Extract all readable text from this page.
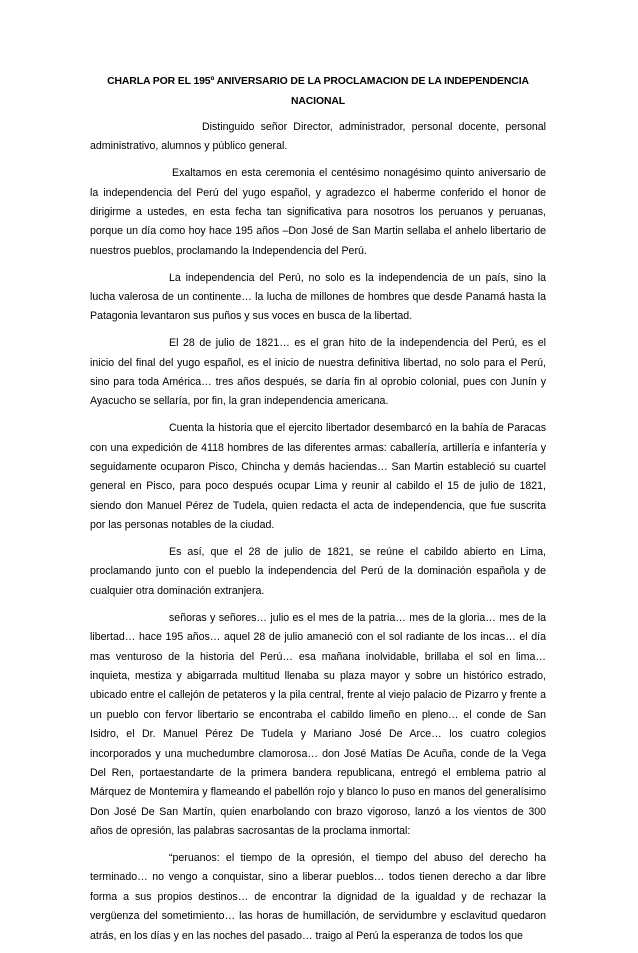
CHARLA POR EL 195º ANIVERSARIO DE LA PROCLAMACION DE LA INDEPENDENCIA NACIONAL

Distinguido señor Director, administrador, personal docente, personal administrativo, alumnos y público general.

Exaltamos en esta ceremonia el centésimo nonagésimo quinto aniversario de la independencia del Perú del yugo español, y agradezco el haberme conferido el honor de dirigirme a ustedes, en esta fecha tan significativa para nosotros los peruanos y peruanas, porque un día como hoy hace 195 años –Don José de San Martin sellaba el anhelo libertario de nuestros pueblos, proclamando la Independencia del Perú.

La independencia del Perú, no solo es la independencia de un país, sino la lucha valerosa de un continente… la lucha de millones de hombres que desde Panamá hasta la Patagonia levantaron sus puños y sus voces en busca de la libertad.

El 28 de julio de 1821… es el gran hito de la independencia del Perú, es el inicio del final del yugo español, es el inicio de nuestra definitiva libertad, no solo para el Perú, sino para toda América… tres años después, se daría fin al oprobio colonial, pues con Junín y Ayacucho se sellaría, por fin, la gran independencia americana.

Cuenta la historia que el ejercito libertador desembarcó en la bahía de Paracas con una expedición de 4118 hombres de las diferentes armas: caballería, artillería e infantería y seguidamente ocuparon Pisco, Chincha y demás haciendas… San Martin estableció su cuartel general en Pisco, para poco después ocupar Lima y reunir al cabildo el 15 de julio de 1821, siendo don Manuel Pérez de Tudela, quien redacta el acta de independencia, que fue suscrita por las personas notables de la ciudad.

Es así, que el 28 de julio de 1821, se reúne el cabildo abierto en Lima, proclamando junto con el pueblo la independencia del Perú de la dominación española y de cualquier otra dominación extranjera.

señoras y señores… julio es el mes de la patria… mes de la gloria… mes de la libertad… hace 195 años… aquel 28 de julio amaneció con el sol radiante de los incas… el día mas venturoso de la historia del Perú… esa mañana inolvidable, brillaba el sol en lima… inquieta, mestiza y abigarrada multitud llenaba su plaza mayor y sobre un histórico estrado, ubicado entre el callejón de petateros y la pila central, frente al viejo palacio de Pizarro y frente a un pueblo con fervor libertario se encontraba el cabildo limeño en pleno… el conde de San Isidro, el Dr. Manuel Pérez De Tudela y Mariano José De Arce… los cuatro colegios incorporados y una muchedumbre clamorosa… don José Matías De Acuña, conde de la Vega Del Ren, portaestandarte de la primera bandera republicana, entregó el emblema patrio al Márquez de Montemira y flameando el pabellón rojo y blanco lo puso en manos del generalísimo Don José De San Martín, quien enarbolando con brazo vigoroso, lanzó a los vientos de 300 años de opresión, las palabras sacrosantas de la proclama inmortal:

“peruanos: el tiempo de la opresión, el tiempo del abuso del derecho ha terminado… no vengo a conquistar, sino a liberar pueblos… todos tienen derecho a dar libre forma a sus propios destinos… de encontrar la dignidad de la igualdad y de rechazar la vergüenza del sometimiento… las horas de humillación, de servidumbre y esclavitud quedaron atrás, en los días y en las noches del pasado… traigo al Perú la esperanza de todos los que
